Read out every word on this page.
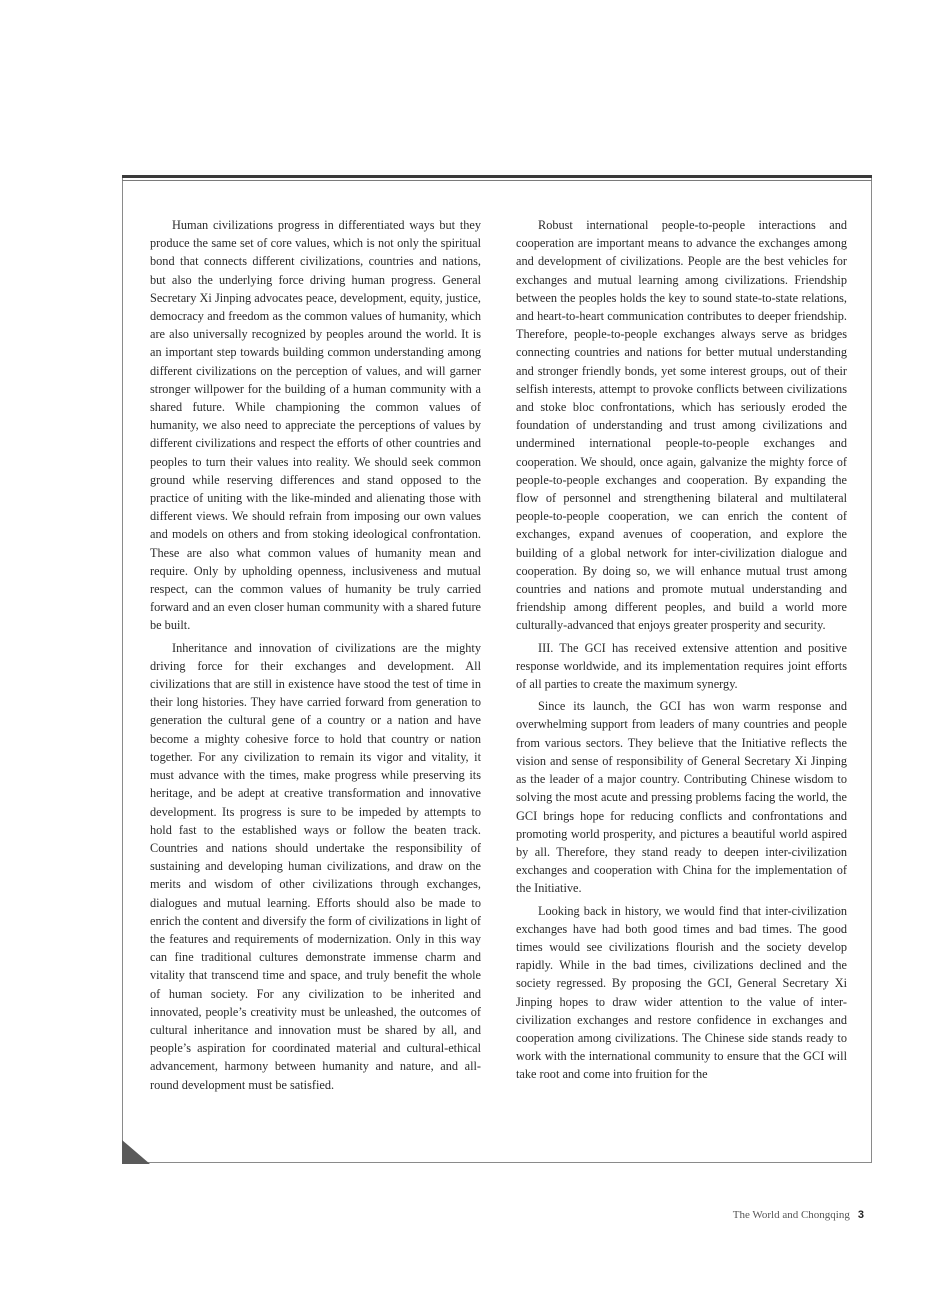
Human civilizations progress in differentiated ways but they produce the same set of core values, which is not only the spiritual bond that connects different civilizations, countries and nations, but also the underlying force driving human progress. General Secretary Xi Jinping advocates peace, development, equity, justice, democracy and freedom as the common values of humanity, which are also universally recognized by peoples around the world. It is an important step towards building common understanding among different civilizations on the perception of values, and will garner stronger willpower for the building of a human community with a shared future. While championing the common values of humanity, we also need to appreciate the perceptions of values by different civilizations and respect the efforts of other countries and peoples to turn their values into reality. We should seek common ground while reserving differences and stand opposed to the practice of uniting with the like-minded and alienating those with different views. We should refrain from imposing our own values and models on others and from stoking ideological confrontation. These are also what common values of humanity mean and require. Only by upholding openness, inclusiveness and mutual respect, can the common values of humanity be truly carried forward and an even closer human community with a shared future be built.

Inheritance and innovation of civilizations are the mighty driving force for their exchanges and development. All civilizations that are still in existence have stood the test of time in their long histories. They have carried forward from generation to generation the cultural gene of a country or a nation and have become a mighty cohesive force to hold that country or nation together. For any civilization to remain its vigor and vitality, it must advance with the times, make progress while preserving its heritage, and be adept at creative transformation and innovative development. Its progress is sure to be impeded by attempts to hold fast to the established ways or follow the beaten track. Countries and nations should undertake the responsibility of sustaining and developing human civilizations, and draw on the merits and wisdom of other civilizations through exchanges, dialogues and mutual learning. Efforts should also be made to enrich the content and diversify the form of civilizations in light of the features and requirements of modernization. Only in this way can fine traditional cultures demonstrate immense charm and vitality that transcend time and space, and truly benefit the whole of human society. For any civilization to be inherited and innovated, people’s creativity must be unleashed, the outcomes of cultural inheritance and innovation must be shared by all, and people’s aspiration for coordinated material and cultural-ethical advancement, harmony between humanity and nature, and all-round development must be satisfied.

Robust international people-to-people interactions and cooperation are important means to advance the exchanges among and development of civilizations. People are the best vehicles for exchanges and mutual learning among civilizations. Friendship between the peoples holds the key to sound state-to-state relations, and heart-to-heart communication contributes to deeper friendship. Therefore, people-to-people exchanges always serve as bridges connecting countries and nations for better mutual understanding and stronger friendly bonds, yet some interest groups, out of their selfish interests, attempt to provoke conflicts between civilizations and stoke bloc confrontations, which has seriously eroded the foundation of understanding and trust among civilizations and undermined international people-to-people exchanges and cooperation. We should, once again, galvanize the mighty force of people-to-people exchanges and cooperation. By expanding the flow of personnel and strengthening bilateral and multilateral people-to-people cooperation, we can enrich the content of exchanges, expand avenues of cooperation, and explore the building of a global network for inter-civilization dialogue and cooperation. By doing so, we will enhance mutual trust among countries and nations and promote mutual understanding and friendship among different peoples, and build a world more culturally-advanced that enjoys greater prosperity and security.

III. The GCI has received extensive attention and positive response worldwide, and its implementation requires joint efforts of all parties to create the maximum synergy.

Since its launch, the GCI has won warm response and overwhelming support from leaders of many countries and people from various sectors. They believe that the Initiative reflects the vision and sense of responsibility of General Secretary Xi Jinping as the leader of a major country. Contributing Chinese wisdom to solving the most acute and pressing problems facing the world, the GCI brings hope for reducing conflicts and confrontations and promoting world prosperity, and pictures a beautiful world aspired by all. Therefore, they stand ready to deepen inter-civilization exchanges and cooperation with China for the implementation of the Initiative.

Looking back in history, we would find that inter-civilization exchanges have had both good times and bad times. The good times would see civilizations flourish and the society develop rapidly. While in the bad times, civilizations declined and the society regressed. By proposing the GCI, General Secretary Xi Jinping hopes to draw wider attention to the value of inter-civilization exchanges and restore confidence in exchanges and cooperation among civilizations. The Chinese side stands ready to work with the international community to ensure that the GCI will take root and come into fruition for the

The World and Chongqing 3
